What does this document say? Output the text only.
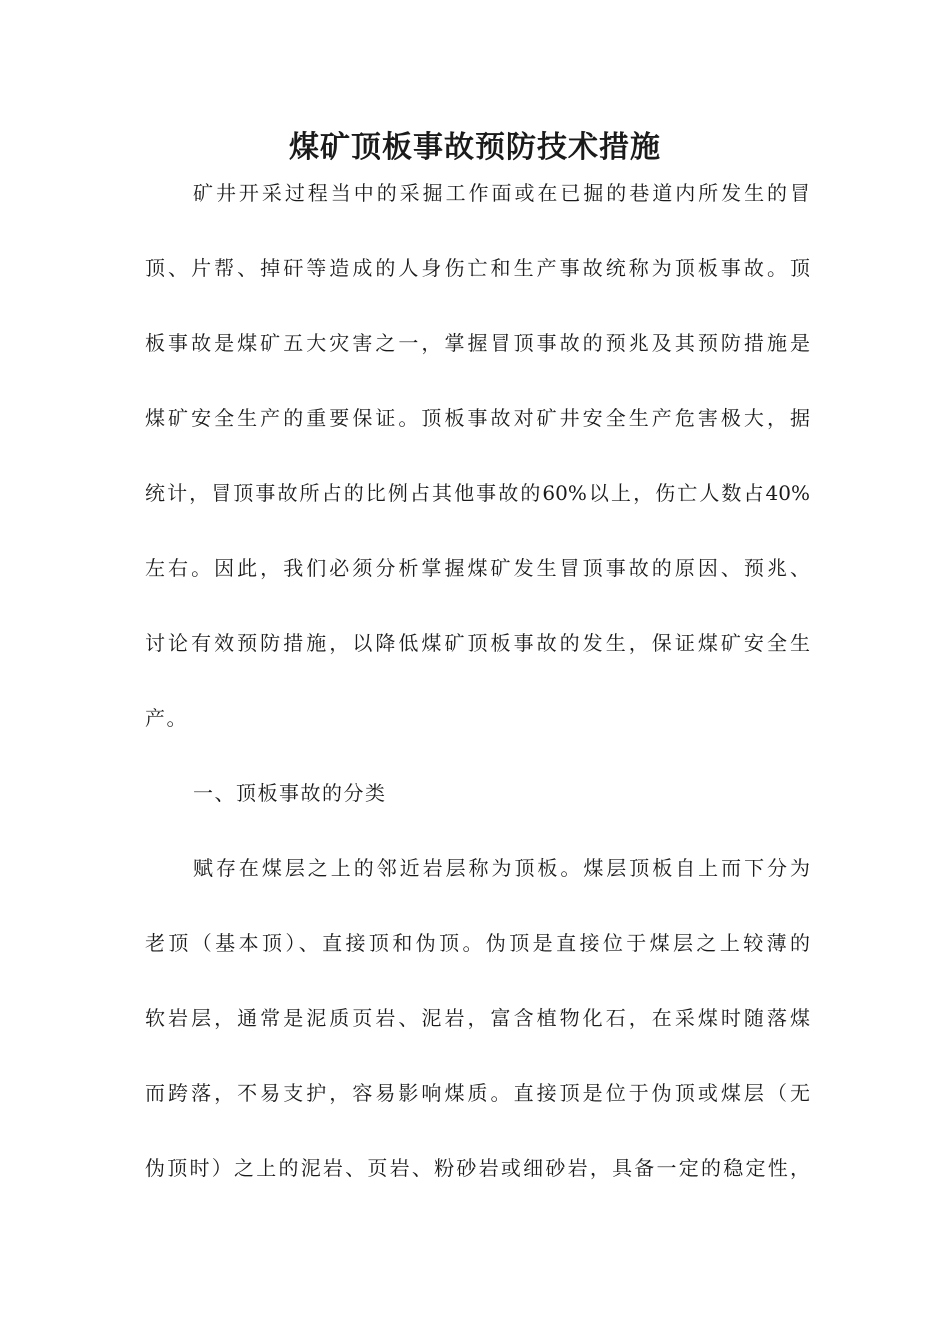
煤矿顶板事故预防技术措施

矿井开采过程当中的采掘工作面或在已掘的巷道内所发生的冒

顶、片帮、掉矸等造成的人身伤亡和生产事故统称为顶板事故。顶

板事故是煤矿五大灾害之一，掌握冒顶事故的预兆及其预防措施是

煤矿安全生产的重要保证。顶板事故对矿井安全生产危害极大，据

统计，冒顶事故所占的比例占其他事故的60%以上，伤亡人数占40%

左右。因此，我们必须分析掌握煤矿发生冒顶事故的原因、预兆、

讨论有效预防措施，以降低煤矿顶板事故的发生，保证煤矿安全生

产。

一、顶板事故的分类

赋存在煤层之上的邻近岩层称为顶板。煤层顶板自上而下分为

老顶（基本顶）、直接顶和伪顶。伪顶是直接位于煤层之上较薄的

软岩层，通常是泥质页岩、泥岩，富含植物化石，在采煤时随落煤

而跨落，不易支护，容易影响煤质。直接顶是位于伪顶或煤层（无

伪顶时）之上的泥岩、页岩、粉砂岩或细砂岩，具备一定的稳定性，
